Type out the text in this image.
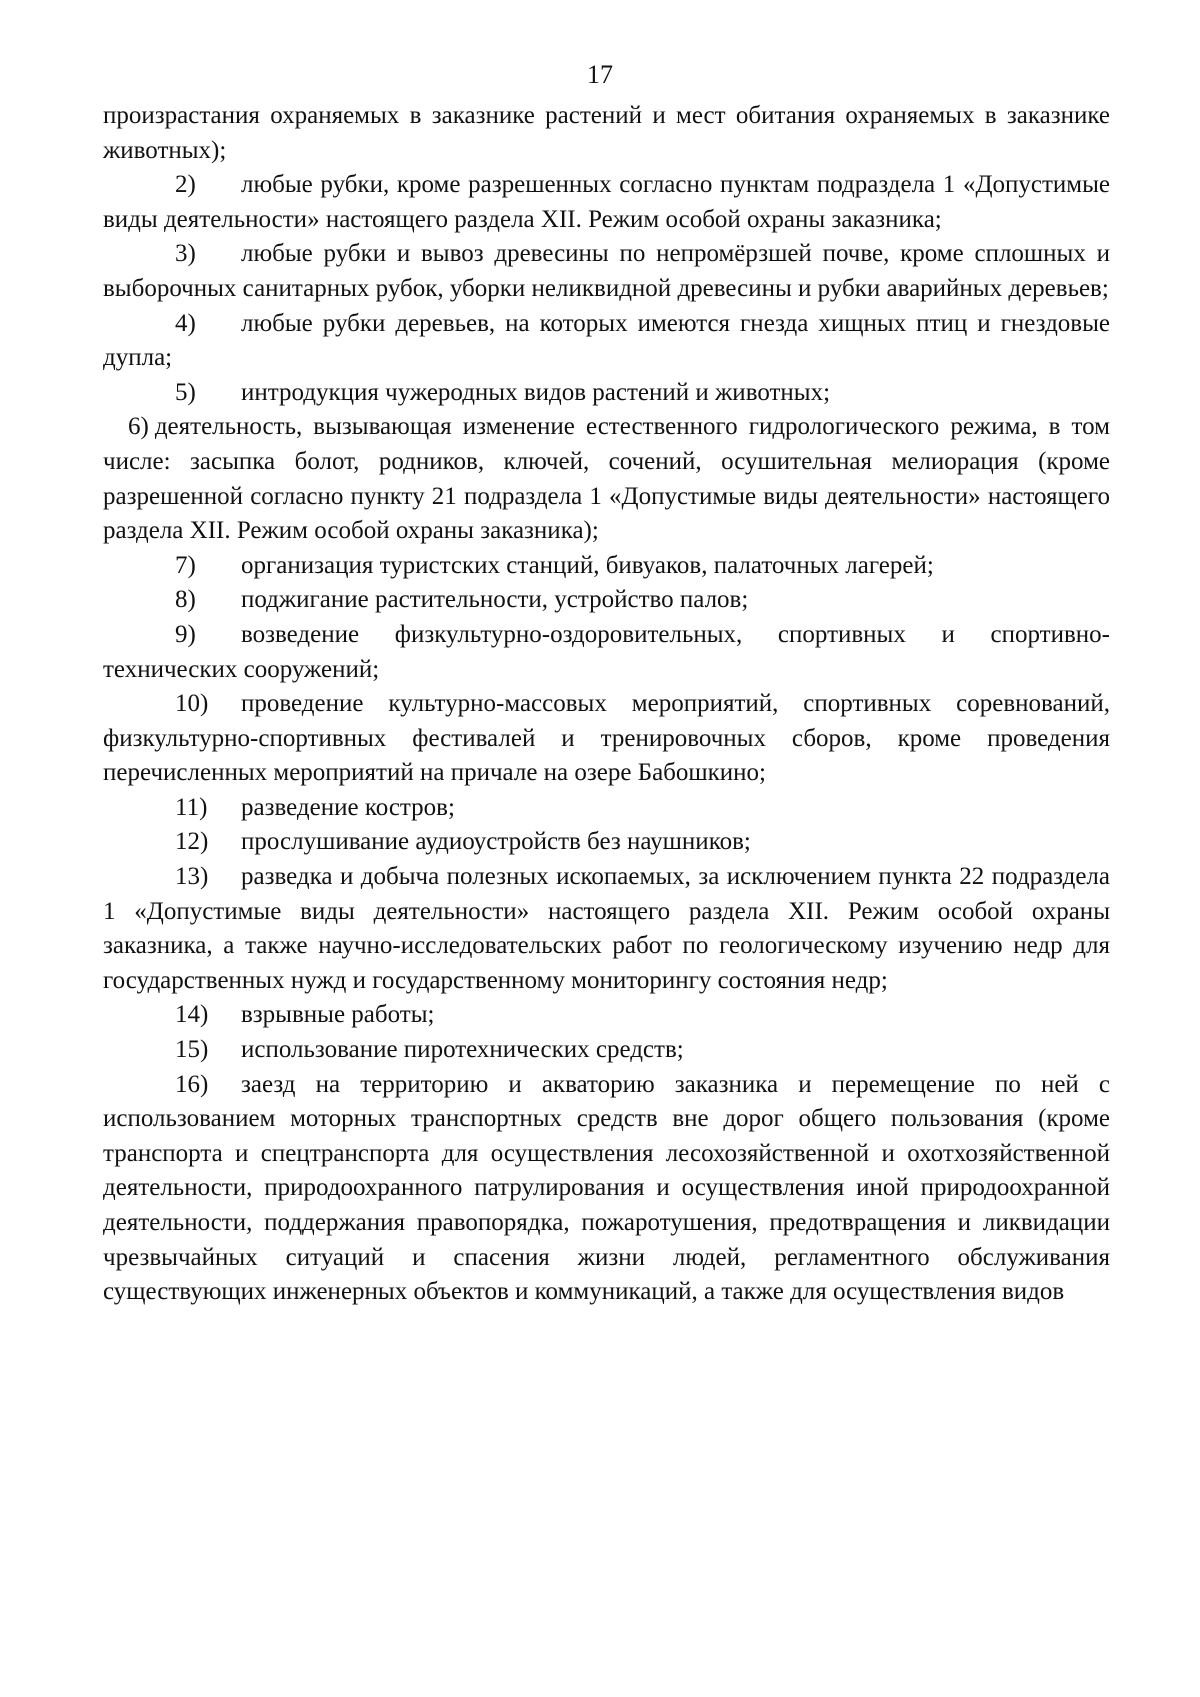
17

произрастания охраняемых в заказнике растений и мест обитания охраняемых в заказнике животных);

2) любые рубки, кроме разрешенных согласно пунктам подраздела 1 «Допустимые виды деятельности» настоящего раздела XII. Режим особой охраны заказника;

3) любые рубки и вывоз древесины по непромёрзшей почве, кроме сплошных и выборочных санитарных рубок, уборки неликвидной древесины и рубки аварийных деревьев;

4) любые рубки деревьев, на которых имеются гнезда хищных птиц и гнездовые дупла;

5) интродукция чужеродных видов растений и животных;

6) деятельность, вызывающая изменение естественного гидрологического режима, в том числе: засыпка болот, родников, ключей, сочений, осушительная мелиорация (кроме разрешенной согласно пункту 21 подраздела 1 «Допустимые виды деятельности» настоящего раздела XII. Режим особой охраны заказника);

7) организация туристских станций, бивуаков, палаточных лагерей;

8) поджигание растительности, устройство палов;

9) возведение физкультурно-оздоровительных, спортивных и спортивно-технических сооружений;

10) проведение культурно-массовых мероприятий, спортивных соревнований, физкультурно-спортивных фестивалей и тренировочных сборов, кроме проведения перечисленных мероприятий на причале на озере Бабошкино;

11) разведение костров;

12) прослушивание аудиоустройств без наушников;

13) разведка и добыча полезных ископаемых, за исключением пункта 22 подраздела 1 «Допустимые виды деятельности» настоящего раздела XII. Режим особой охраны заказника, а также научно-исследовательских работ по геологическому изучению недр для государственных нужд и государственному мониторингу состояния недр;

14) взрывные работы;

15) использование пиротехнических средств;

16) заезд на территорию и акваторию заказника и перемещение по ней с использованием моторных транспортных средств вне дорог общего пользования (кроме транспорта и спецтранспорта для осуществления лесохозяйственной и охотхозяйственной деятельности, природоохранного патрулирования и осуществления иной природоохранной деятельности, поддержания правопорядка, пожаротушения, предотвращения и ликвидации чрезвычайных ситуаций и спасения жизни людей, регламентного обслуживания существующих инженерных объектов и коммуникаций, а также для осуществления видов
